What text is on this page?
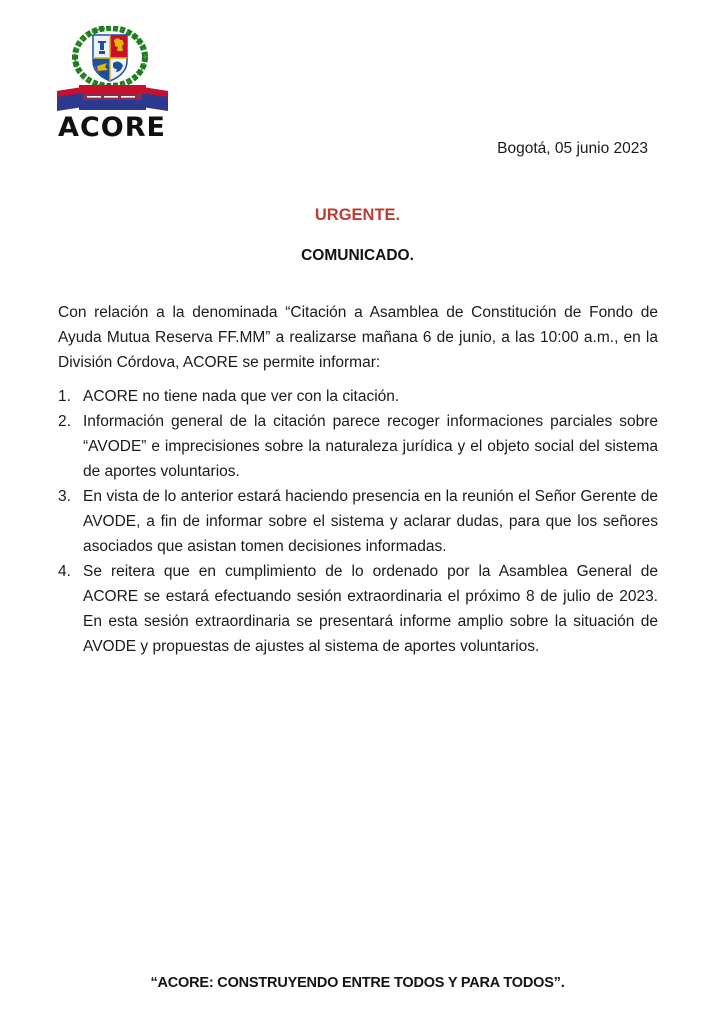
ACORE
Bogotá, 05 junio 2023
URGENTE.
COMUNICADO.

Con relación a la denominada “Citación a Asamblea de Constitución de Fondo de Ayuda Mutua Reserva FF.MM” a realizarse mañana 6 de junio, a las 10:00 a.m., en la División Córdova, ACORE se permite informar:

1. ACORE no tiene nada que ver con la citación.
2. Información general de la citación parece recoger informaciones parciales sobre “AVODE” e imprecisiones sobre la naturaleza jurídica y el objeto social del sistema de aportes voluntarios.
3. En vista de lo anterior estará haciendo presencia en la reunión el Señor Gerente de AVODE, a fin de informar sobre el sistema y aclarar dudas, para que los señores asociados que asistan tomen decisiones informadas.
4. Se reitera que en cumplimiento de lo ordenado por la Asamblea General de ACORE se estará efectuando sesión extraordinaria el próximo 8 de julio de 2023. En esta sesión extraordinaria se presentará informe amplio sobre la situación de AVODE y propuestas de ajustes al sistema de aportes voluntarios.
“ACORE: CONSTRUYENDO ENTRE TODOS Y PARA TODOS”.
